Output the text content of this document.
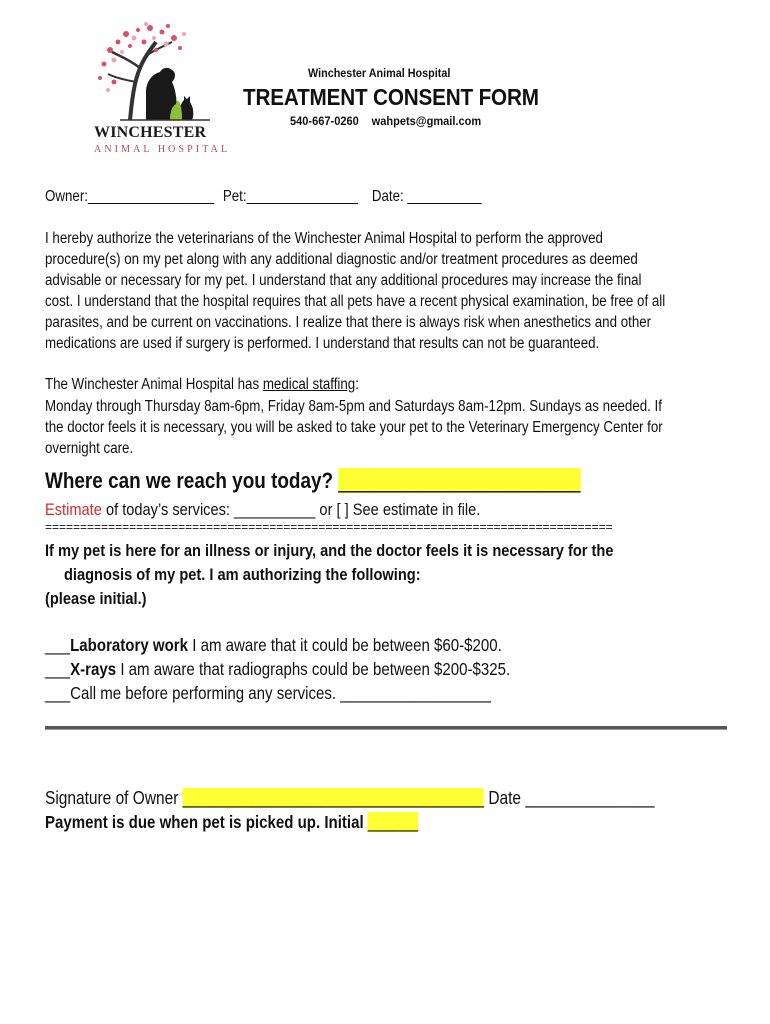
WINCHESTER
ANIMAL HOSPITAL
Winchester Animal Hospital
TREATMENT CONSENT FORM
540-667-0260 wahpets@gmail.com
Owner:_________________ Pet:_______________ Date: __________
I hereby authorize the veterinarians of the Winchester Animal Hospital to perform the approved
procedure(s) on my pet along with any additional diagnostic and/or treatment procedures as deemed
advisable or necessary for my pet. I understand that any additional procedures may increase the final
cost. I understand that the hospital requires that all pets have a recent physical examination, be free of all
parasites, and be current on vaccinations. I realize that there is always risk when anesthetics and other
medications are used if surgery is performed. I understand that results can not be guaranteed.
The Winchester Animal Hospital has medical staffing:
Monday through Thursday 8am-6pm, Friday 8am-5pm and Saturdays 8am-12pm. Sundays as needed. If
the doctor feels it is necessary, you will be asked to take your pet to the Veterinary Emergency Center for
overnight care.
Where can we reach you today? _______________________
Estimate of today’s services: __________ or [ ] See estimate in file.
=================================================================================
If my pet is here for an illness or injury, and the doctor feels it is necessary for the
diagnosis of my pet. I am authorizing the following:
(please initial.)
___Laboratory work I am aware that it could be between $60-$200.
___X-rays I am aware that radiographs could be between $200-$325.
___Call me before performing any services. __________________
Signature of Owner ___________________________________ Date _______________
Payment is due when pet is picked up. Initial ______
